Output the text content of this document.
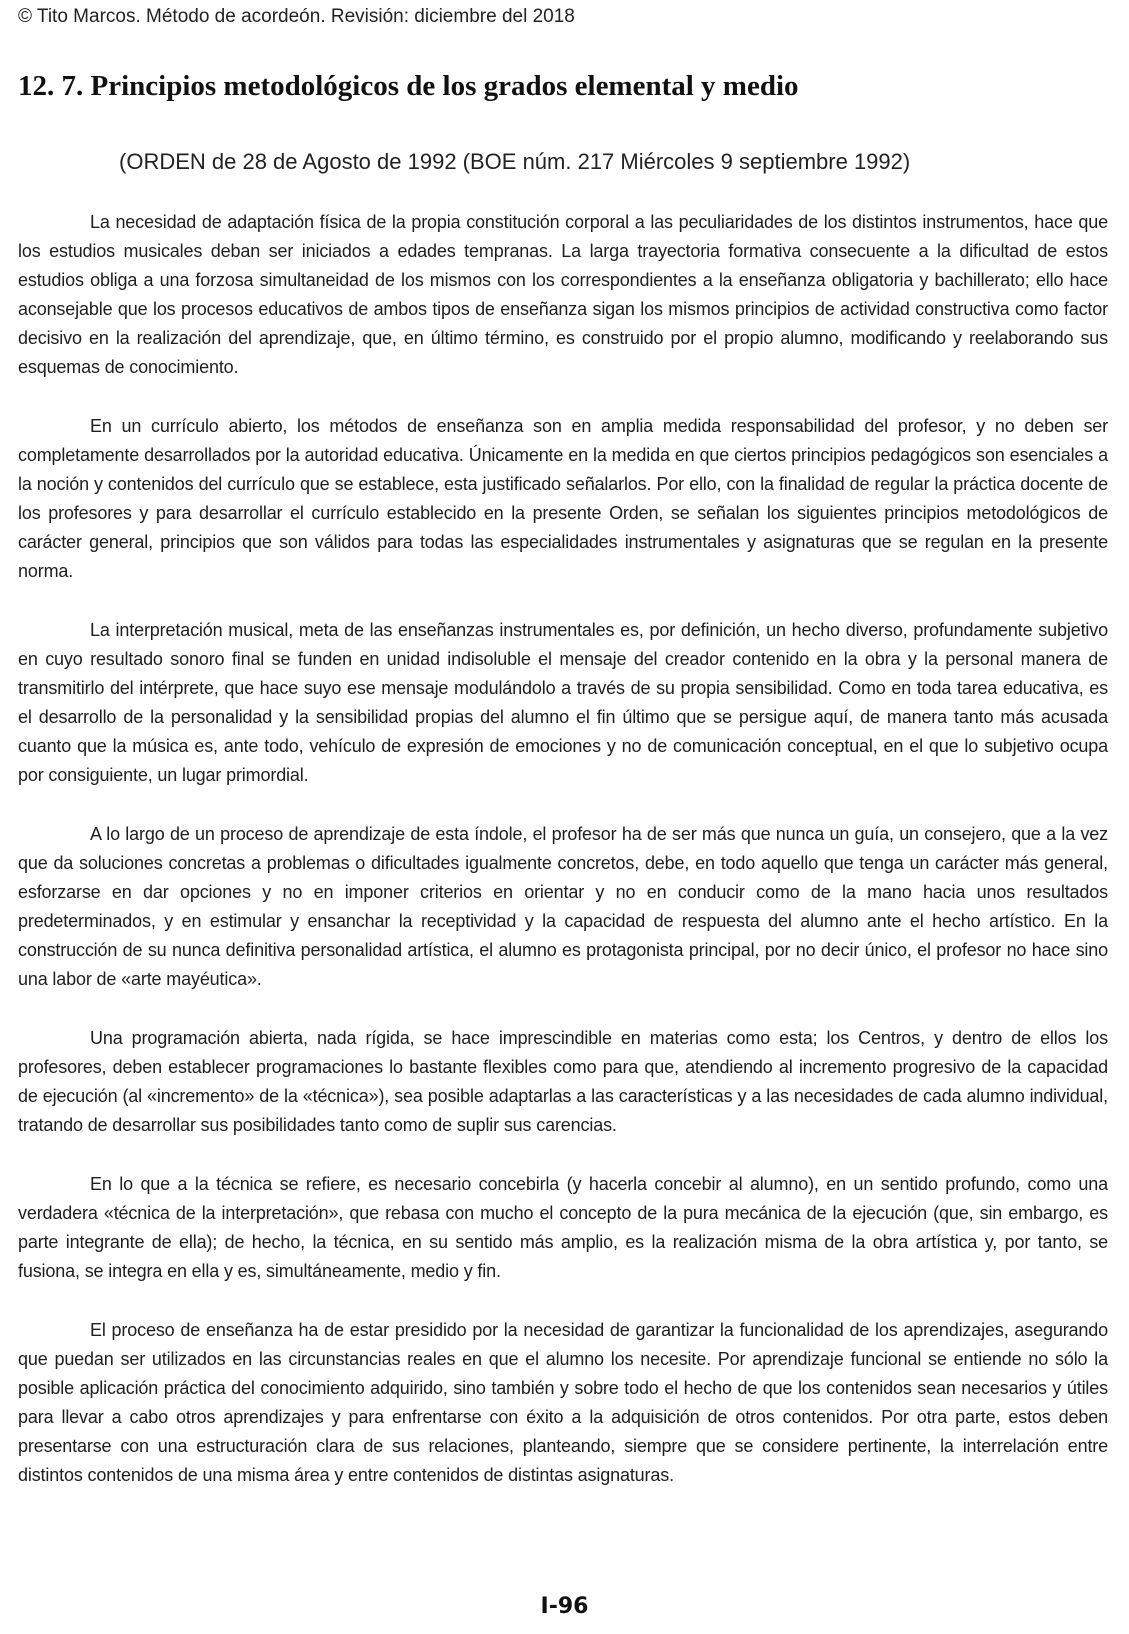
© Tito Marcos. Método de acordeón. Revisión: diciembre del 2018
12. 7. Principios metodológicos de los grados elemental y medio
(ORDEN de 28 de Agosto de 1992 (BOE núm. 217 Miércoles 9 septiembre 1992)

La necesidad de adaptación física de la propia constitución corporal a las peculiaridades de los distintos instrumentos, hace que los estudios musicales deban ser iniciados a edades tempranas. La larga trayectoria formativa consecuente a la dificultad de estos estudios obliga a una forzosa simultaneidad de los mismos con los correspondientes a la enseñanza obligatoria y bachillerato; ello hace aconsejable que los procesos educativos de ambos tipos de enseñanza sigan los mismos principios de actividad constructiva como factor decisivo en la realización del aprendizaje, que, en último término, es construido por el propio alumno, modificando y reelaborando sus esquemas de conocimiento.

En un currículo abierto, los métodos de enseñanza son en amplia medida responsabilidad del profesor, y no deben ser completamente desarrollados por la autoridad educativa. Únicamente en la medida en que ciertos principios pedagógicos son esenciales a la noción y contenidos del currículo que se establece, esta justificado señalarlos. Por ello, con la finalidad de regular la práctica docente de los profesores y para desarrollar el currículo establecido en la presente Orden, se señalan los siguientes principios metodológicos de carácter general, principios que son válidos para todas las especialidades instrumentales y asignaturas que se regulan en la presente norma.

La interpretación musical, meta de las enseñanzas instrumentales es, por definición, un hecho diverso, profundamente subjetivo en cuyo resultado sonoro final se funden en unidad indisoluble el mensaje del creador contenido en la obra y la personal manera de transmitirlo del intérprete, que hace suyo ese mensaje modulándolo a través de su propia sensibilidad. Como en toda tarea educativa, es el desarrollo de la personalidad y la sensibilidad propias del alumno el fin último que se persigue aquí, de manera tanto más acusada cuanto que la música es, ante todo, vehículo de expresión de emociones y no de comunicación conceptual, en el que lo subjetivo ocupa por consiguiente, un lugar primordial.

A lo largo de un proceso de aprendizaje de esta índole, el profesor ha de ser más que nunca un guía, un consejero, que a la vez que da soluciones concretas a problemas o dificultades igualmente concretos, debe, en todo aquello que tenga un carácter más general, esforzarse en dar opciones y no en imponer criterios en orientar y no en conducir como de la mano hacia unos resultados predeterminados, y en estimular y ensanchar la receptividad y la capacidad de respuesta del alumno ante el hecho artístico. En la construcción de su nunca definitiva personalidad artística, el alumno es protagonista principal, por no decir único, el profesor no hace sino una labor de «arte mayéutica».

Una programación abierta, nada rígida, se hace imprescindible en materias como esta; los Centros, y dentro de ellos los profesores, deben establecer programaciones lo bastante flexibles como para que, atendiendo al incremento progresivo de la capacidad de ejecución (al «incremento» de la «técnica»), sea posible adaptarlas a las características y a las necesidades de cada alumno individual, tratando de desarrollar sus posibilidades tanto como de suplir sus carencias.

En lo que a la técnica se refiere, es necesario concebirla (y hacerla concebir al alumno), en un sentido profundo, como una verdadera «técnica de la interpretación», que rebasa con mucho el concepto de la pura mecánica de la ejecución (que, sin embargo, es parte integrante de ella); de hecho, la técnica, en su sentido más amplio, es la realización misma de la obra artística y, por tanto, se fusiona, se integra en ella y es, simultáneamente, medio y fin.

El proceso de enseñanza ha de estar presidido por la necesidad de garantizar la funcionalidad de los aprendizajes, asegurando que puedan ser utilizados en las circunstancias reales en que el alumno los necesite. Por aprendizaje funcional se entiende no sólo la posible aplicación práctica del conocimiento adquirido, sino también y sobre todo el hecho de que los contenidos sean necesarios y útiles para llevar a cabo otros aprendizajes y para enfrentarse con éxito a la adquisición de otros contenidos. Por otra parte, estos deben presentarse con una estructuración clara de sus relaciones, planteando, siempre que se considere pertinente, la interrelación entre distintos contenidos de una misma área y entre contenidos de distintas asignaturas.

I-96
